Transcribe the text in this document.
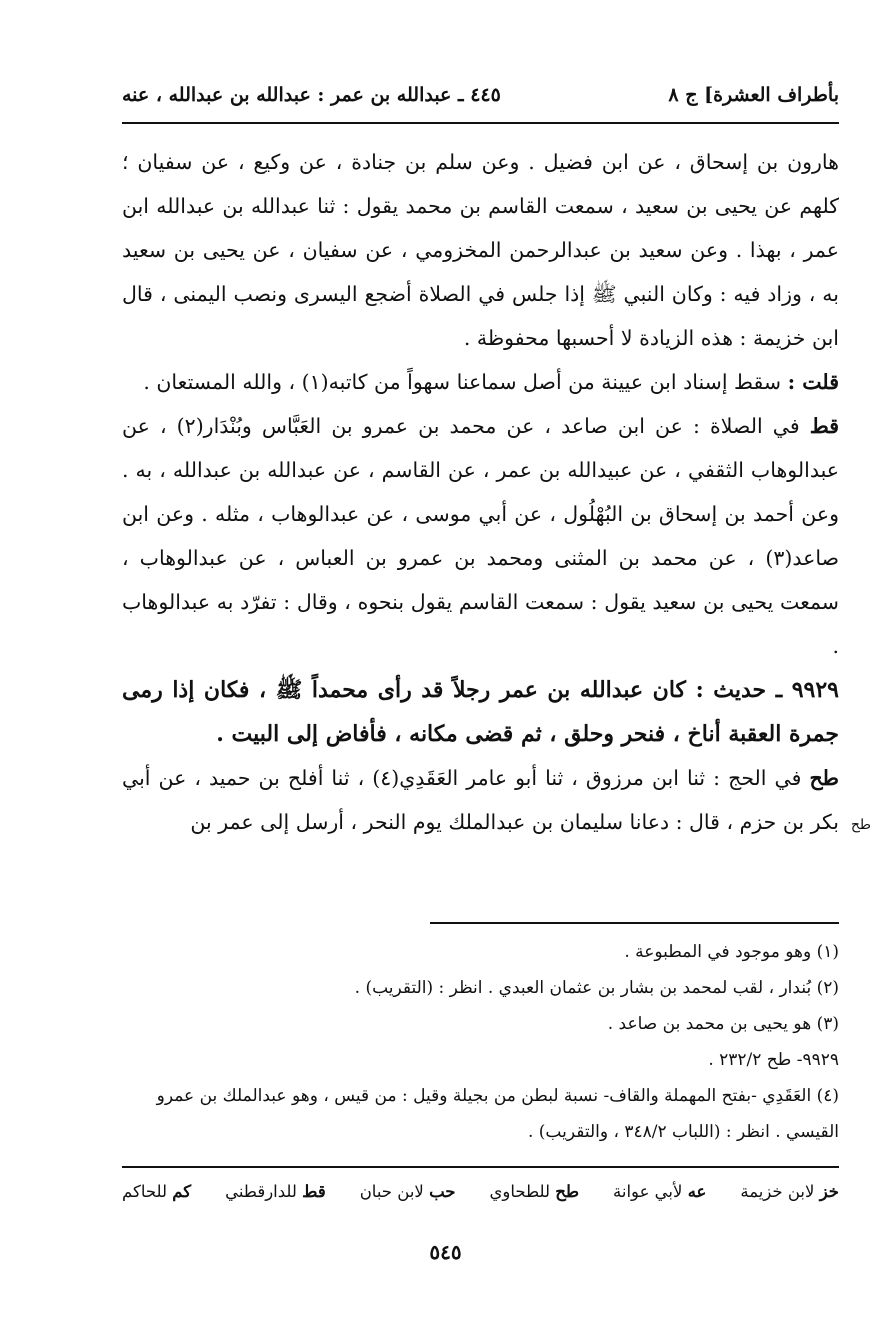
بأطراف العشرة] ج ٨
٤٤٥ ـ عبدالله بن عمر : عبدالله بن عبدالله ، عنه

هارون بن إسحاق ، عن ابن فضيل . وعن سلم بن جنادة ، عن وكيع ، عن سفيان ؛ كلهم عن يحيى بن سعيد ، سمعت القاسم بن محمد يقول : ثنا عبدالله بن عبدالله ابن عمر ، بهذا . وعن سعيد بن عبدالرحمن المخزومي ، عن سفيان ، عن يحيى بن سعيد به ، وزاد فيه : وكان النبي ﷺ إذا جلس في الصلاة أضجع اليسرى ونصب اليمنى ، قال ابن خزيمة : هذه الزيادة لا أحسبها محفوظة .

قلت : سقط إسناد ابن عيينة من أصل سماعنا سهواً من كاتبه(١) ، والله المستعان .

قط في الصلاة : عن ابن صاعد ، عن محمد بن عمرو بن العَبَّاس وبُنْدَار(٢) ، عن عبدالوهاب الثقفي ، عن عبيدالله بن عمر ، عن القاسم ، عن عبدالله بن عبدالله ، به . وعن أحمد بن إسحاق بن البُهْلُول ، عن أبي موسى ، عن عبدالوهاب ، مثله . وعن ابن صاعد(٣) ، عن محمد بن المثنى ومحمد بن عمرو بن العباس ، عن عبدالوهاب ، سمعت يحيى بن سعيد يقول : سمعت القاسم يقول بنحوه ، وقال : تفرّد به عبدالوهاب .

٩٩٢٩ ـ حديث : كان عبدالله بن عمر رجلاً قد رأى محمداً ﷺ ، فكان إذا رمى جمرة العقبة أناخ ، فنحر وحلق ، ثم قضى مكانه ، فأفاض إلى البيت .

طح في الحج : ثنا ابن مرزوق ، ثنا أبو عامر العَقَدِي(٤) ، ثنا أفلح بن حميد ، عن أبي بكر بن حزم ، قال : دعانا سليمان بن عبدالملك يوم النحر ، أرسل إلى عمر بن طح

(١) وهو موجود في المطبوعة .

(٢) بُندار ، لقب لمحمد بن بشار بن عثمان العبدي . انظر : (التقريب) .

(٣) هو يحيى بن محمد بن صاعد .

٩٩٢٩- طح ٢٣٢/٢ .

(٤) العَقَدِي -بفتح المهملة والقاف- نسبة لبطن من بجيلة وقيل : من قيس ، وهو عبدالملك بن عمرو القيسي . انظر : (اللباب ٣٤٨/٢ ، والتقريب) .

خز لابن خزيمة
عه لأبي عوانة
طح للطحاوي
حب لابن حبان
قط للدارقطني
كم للحاكم
٥٤٥
